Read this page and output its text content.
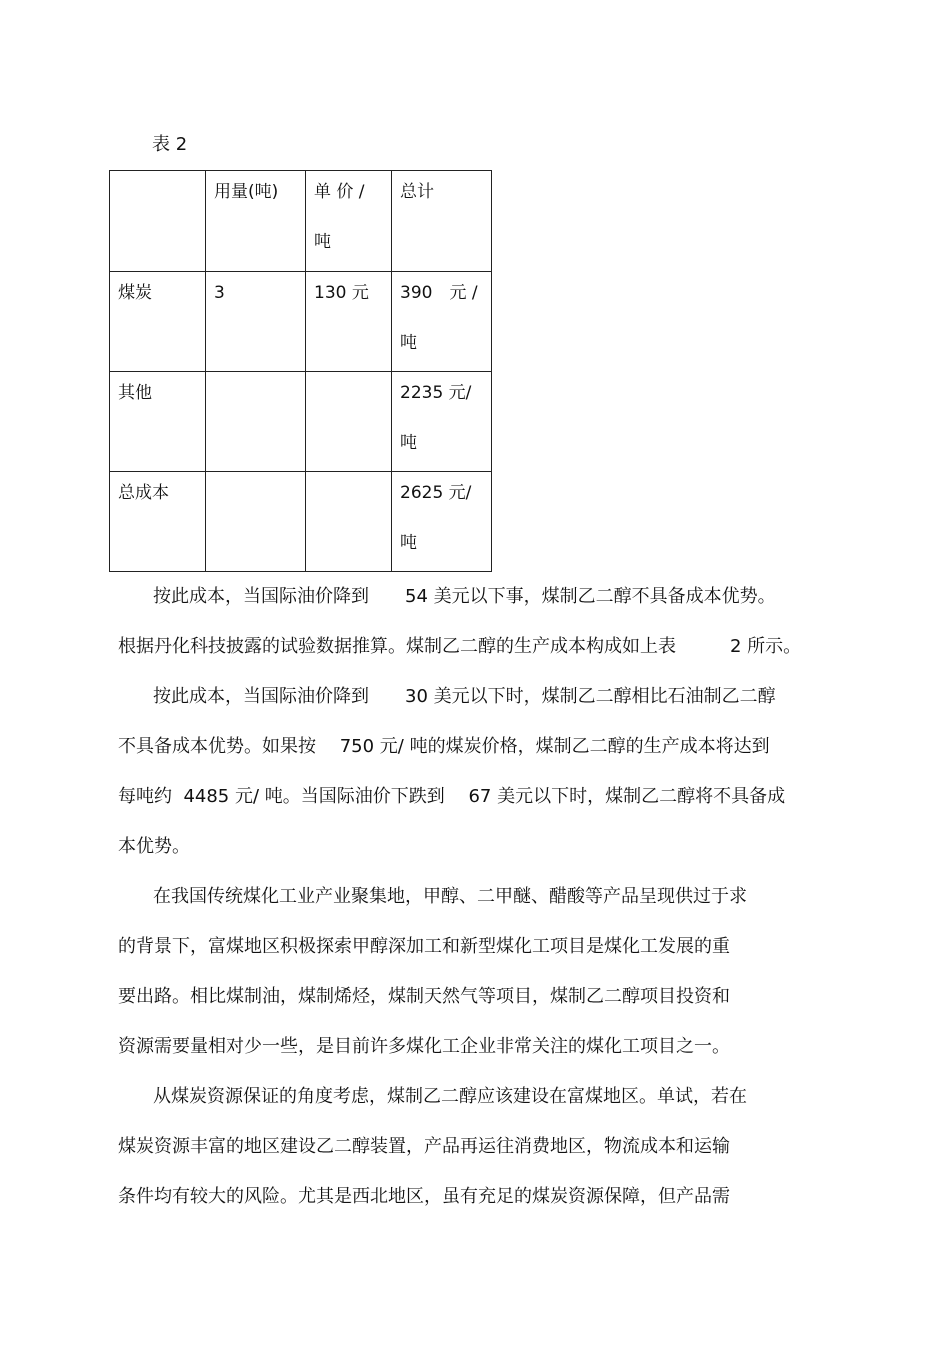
表 2

	用量(吨)	单 价 /
吨	总计

煤炭	3	130 元	390　元 /
吨

其他			2235 元/
吨

总成本			2625 元/
吨
按此成本，当国际油价降到　　54 美元以下事，煤制乙二醇不具备成本优势。
根据丹化科技披露的试验数据推算。煤制乙二醇的生产成本构成如上表　　　2 所示。
按此成本，当国际油价降到　　30 美元以下时，煤制乙二醇相比石油制乙二醇
不具备成本优势。如果按　 750 元/ 吨的煤炭价格，煤制乙二醇的生产成本将达到
每吨约  4485 元/ 吨。当国际油价下跌到　 67 美元以下时，煤制乙二醇将不具备成
本优势。
在我国传统煤化工业产业聚集地，甲醇、二甲醚、醋酸等产品呈现供过于求
的背景下，富煤地区积极探索甲醇深加工和新型煤化工项目是煤化工发展的重
要出路。相比煤制油，煤制烯烃，煤制天然气等项目，煤制乙二醇项目投资和
资源需要量相对少一些，是目前许多煤化工企业非常关注的煤化工项目之一。
从煤炭资源保证的角度考虑，煤制乙二醇应该建设在富煤地区。单试，若在
煤炭资源丰富的地区建设乙二醇装置，产品再运往消费地区，物流成本和运输
条件均有较大的风险。尤其是西北地区，虽有充足的煤炭资源保障，但产品需
